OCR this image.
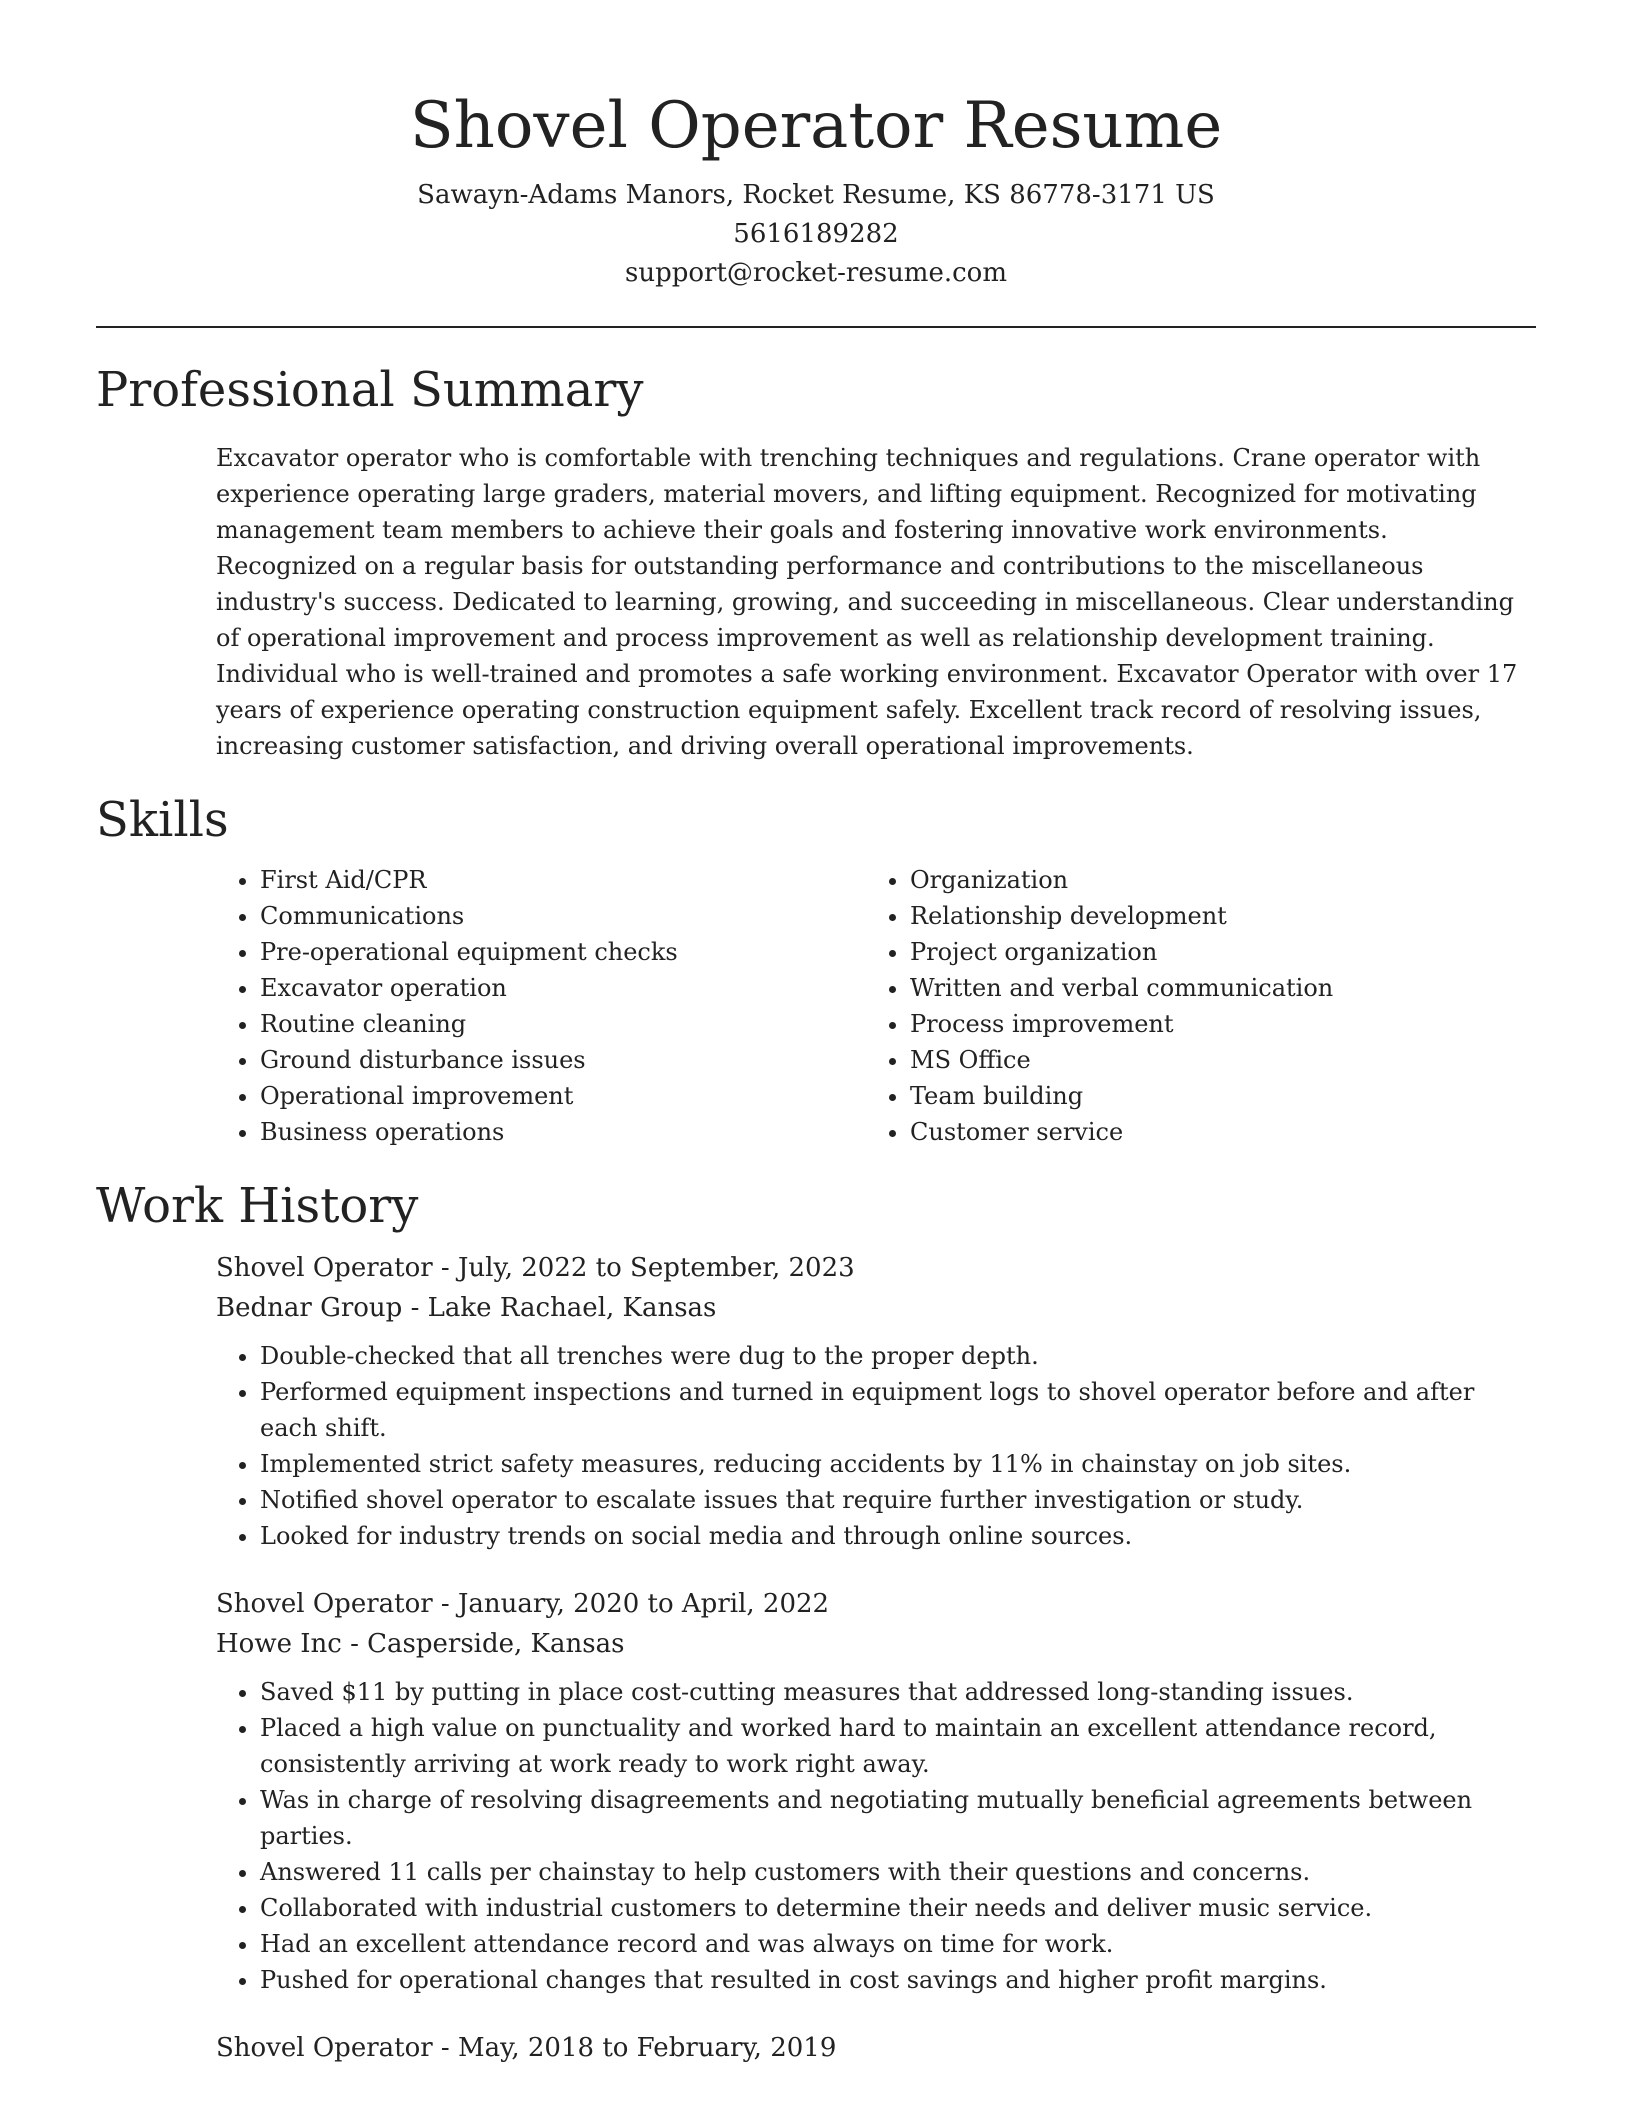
Shovel Operator Resume
Sawayn-Adams Manors, Rocket Resume, KS 86778-3171 US
5616189282
support@rocket-resume.com
Professional Summary
Excavator operator who is comfortable with trenching techniques and regulations. Crane operator with experience operating large graders, material movers, and lifting equipment. Recognized for motivating management team members to achieve their goals and fostering innovative work environments. Recognized on a regular basis for outstanding performance and contributions to the miscellaneous industry's success. Dedicated to learning, growing, and succeeding in miscellaneous. Clear understanding of operational improvement and process improvement as well as relationship development training. Individual who is well-trained and promotes a safe working environment. Excavator Operator with over 17 years of experience operating construction equipment safely. Excellent track record of resolving issues, increasing customer satisfaction, and driving overall operational improvements.
Skills
• First Aid/CPR
• Communications
• Pre-operational equipment checks
• Excavator operation
• Routine cleaning
• Ground disturbance issues
• Operational improvement
• Business operations
• Organization
• Relationship development
• Project organization
• Written and verbal communication
• Process improvement
• MS Office
• Team building
• Customer service
Work History
Shovel Operator - July, 2022 to September, 2023
Bednar Group - Lake Rachael, Kansas
• Double-checked that all trenches were dug to the proper depth.
• Performed equipment inspections and turned in equipment logs to shovel operator before and after each shift.
• Implemented strict safety measures, reducing accidents by 11% in chainstay on job sites.
• Notified shovel operator to escalate issues that require further investigation or study.
• Looked for industry trends on social media and through online sources.
Shovel Operator - January, 2020 to April, 2022
Howe Inc - Casperside, Kansas
• Saved $11 by putting in place cost-cutting measures that addressed long-standing issues.
• Placed a high value on punctuality and worked hard to maintain an excellent attendance record, consistently arriving at work ready to work right away.
• Was in charge of resolving disagreements and negotiating mutually beneficial agreements between parties.
• Answered 11 calls per chainstay to help customers with their questions and concerns.
• Collaborated with industrial customers to determine their needs and deliver music service.
• Had an excellent attendance record and was always on time for work.
• Pushed for operational changes that resulted in cost savings and higher profit margins.
Shovel Operator - May, 2018 to February, 2019
